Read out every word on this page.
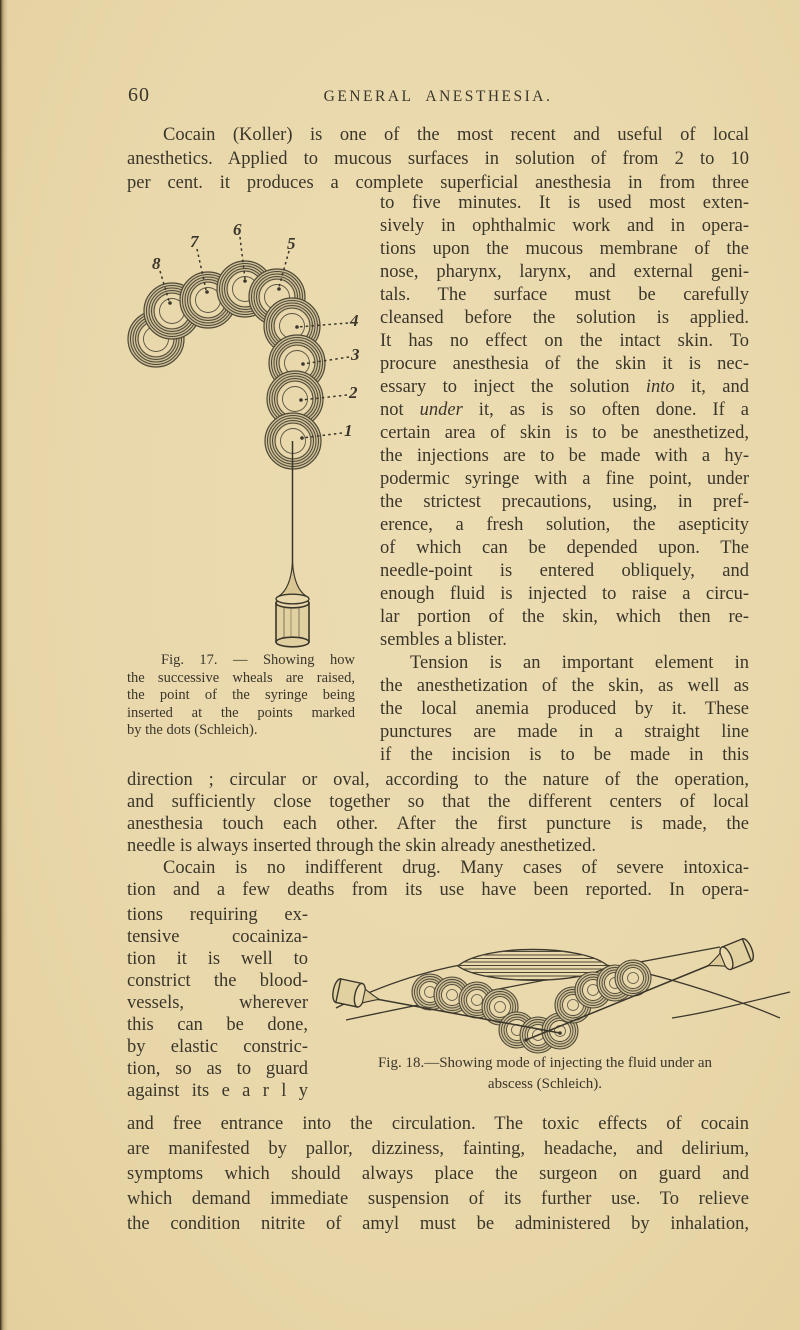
60	GENERAL ANESTHESIA.
Cocain (Koller) is one of the most recent and useful of local
anesthetics. Applied to mucous surfaces in solution of from 2 to 10
per cent. it produces a complete superficial anesthesia in from three
1
2
3
4
5
6
7
8
Fig. 17. — Showing how
the successive wheals are raised,
the point of the syringe being
inserted at the points marked
by the dots (Schleich).
to five minutes. It is used most exten-
sively in ophthalmic work and in opera-
tions upon the mucous membrane of the
nose, pharynx, larynx, and external geni-
tals. The surface must be carefully
cleansed before the solution is applied.
It has no effect on the intact skin. To
procure anesthesia of the skin it is nec-
essary to inject the solution into it, and
not under it, as is so often done. If a
certain area of skin is to be anesthetized,
the injections are to be made with a hy-
podermic syringe with a fine point, under
the strictest precautions, using, in pref-
erence, a fresh solution, the asepticity
of which can be depended upon. The
needle-point is entered obliquely, and
enough fluid is injected to raise a circu-
lar portion of the skin, which then re-
sembles a blister.
Tension is an important element in
the anesthetization of the skin, as well as
the local anemia produced by it. These
punctures are made in a straight line
if the incision is to be made in this
direction ; circular or oval, according to the nature of the operation,
and sufficiently close together so that the different centers of local
anesthesia touch each other. After the first puncture is made, the
needle is always inserted through the skin already anesthetized.
Cocain is no indifferent drug. Many cases of severe intoxica-
tion and a few deaths from its use have been reported. In opera-
tions requiring ex-
tensive cocainiza-
tion it is well to
constrict the blood-
vessels, wherever
this can be done,
by elastic constric-
tion, so as to guard
against its e a r l y
Fig. 18.—Showing mode of injecting the fluid under an
abscess (Schleich).
and free entrance into the circulation. The toxic effects of cocain
are manifested by pallor, dizziness, fainting, headache, and delirium,
symptoms which should always place the surgeon on guard and
which demand immediate suspension of its further use. To relieve
the condition nitrite of amyl must be administered by inhalation,
